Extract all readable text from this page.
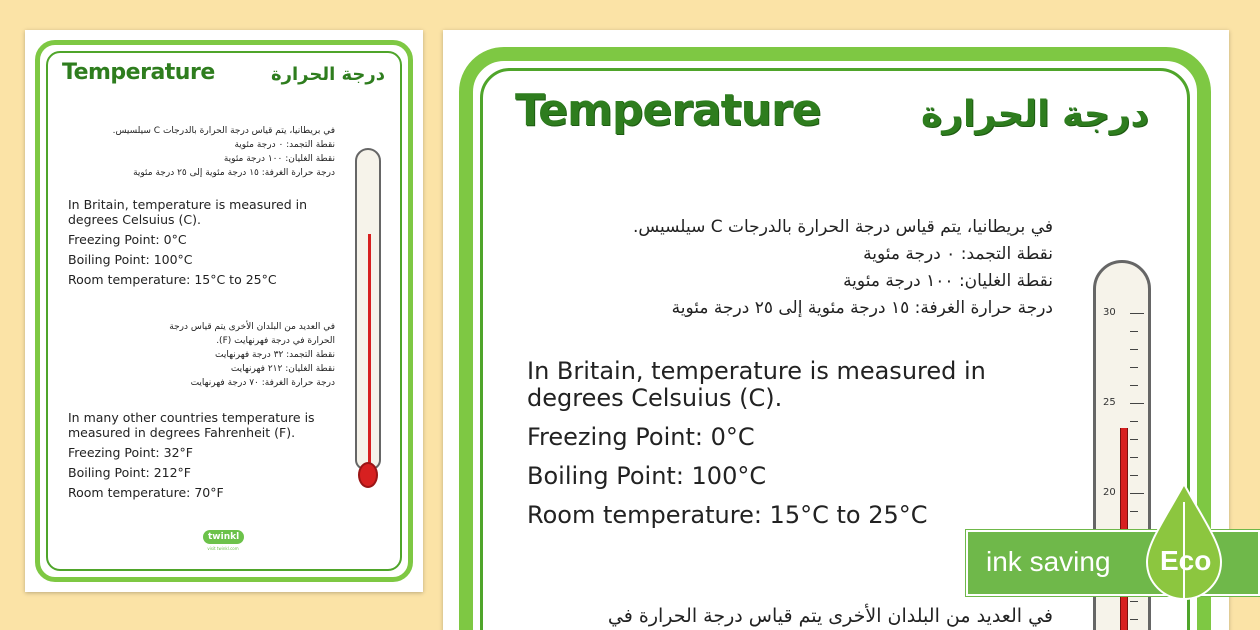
Temperature	درجة الحرارة
في بريطانيا، يتم قياس درجة الحرارة بالدرجات C سيلسيس.
نقطة التجمد: ٠ درجة مئوية
نقطة الغليان: ١٠٠ درجة مئوية
درجة حرارة الغرفة: ١٥ درجة مئوية إلى ٢٥ درجة مئوية

In Britain, temperature is measured in degrees Celsuius (C).

Freezing Point: 0°C

Boiling Point: 100°C

Room temperature: 15°C to 25°C

في العديد من البلدان الأخرى يتم قياس درجة الحرارة في درجة فهرنهايت (F).
نقطة التجمد: ٣٢ درجة فهرنهايت
نقطة الغليان: ٢١٢ فهرنهايت
درجة حرارة الغرفة: ٧٠ درجة فهرنهايت

In many other countries temperature is measured in degrees Fahrenheit (F).

Freezing Point: 32°F

Boiling Point: 212°F

Room temperature: 70°F

twinkl
visit twinkl.com
Temperature	درجة الحرارة
في بريطانيا، يتم قياس درجة الحرارة بالدرجات C سيلسيس.
نقطة التجمد: ٠ درجة مئوية
نقطة الغليان: ١٠٠ درجة مئوية
درجة حرارة الغرفة: ١٥ درجة مئوية إلى ٢٥ درجة مئوية

In Britain, temperature is measured in degrees Celsuius (C).

Freezing Point: 0°C

Boiling Point: 100°C

Room temperature: 15°C to 25°C

في العديد من البلدان الأخرى يتم قياس درجة الحرارة في
30
25
20
ink saving Eco
